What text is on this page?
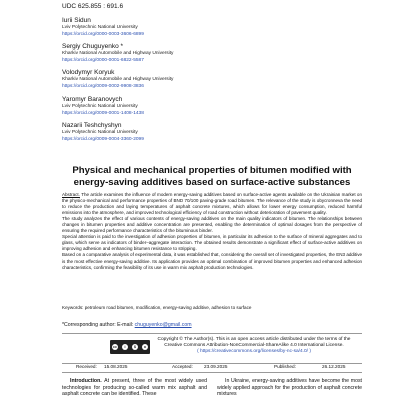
UDC 625.855 : 691.6
Iurii Sidun
Lviv Polytechnic National University
https://orcid.org/0000-0003-3606-6899
Sergiy Chuguyenko *
Kharkiv National Automobile and Highway University
https://orcid.org/0000-0001-6822-5587
Volodymyr Koryuk
Kharkiv National Automobile and Highway University
https://orcid.org/0009-0002-9908-3836
Yaromyr Baranovych
Lviv Polytechnic National University
https://orcid.org/0009-0001-1408-1438
Nazarii Teshchyshyn
Lviv Polytechnic National University
https://orcid.org/0009-0004-3360-2099
Physical and mechanical properties of bitumen modified with energy-saving additives based on surface-active substances

Abstract. The article examines the influence of modern energy-saving additives based on surface-active agents available on the Ukrainian market on the physico-mechanical and performance properties of BND 70/100 paving-grade road bitumen. The relevance of the study is obycronneva the need to reduce the production and laying temperatures of asphalt concrete mixtures, which allows for lower energy consumption, reduced harmful emissions into the atmosphere, and improved technological efficiency of road construction without deterioration of pavement quality.

The study analyzes the effect of various contents of energy-saving additives on the main quality indicators of bitumen. The relationships between changes in bitumen properties and additive concentration are presented, enabling the determination of optimal dosages from the perspective of ensuring the required performance characteristics of the bituminous binder.

Special attention is paid to the investigation of adhesion properties of bitumen, in particular its adhesion to the surface of mineral aggregates and to glass, which serve as indicators of binder–aggregate interaction. The obtained results demonstrate a significant effect of surface-active additives on improving adhesion and enhancing bitumen resistance to stripping.

Based on a comparative analysis of experimental data, it was established that, considering the overall set of investigated properties, the EN3 additive is the most effective energy-saving additive. Its application provides an optimal combination of improved bitumen properties and enhanced adhesion characteristics, confirming the feasibility of its use in warm mix asphalt production technologies.

Keywords: petroleum road bitumen, modification, energy-saving additive, adhesion to surface
*Corresponding author: E-mail: chuguyenko@gmail.com
cc	i	$	o
Copyright © The Author(s). This is an open access article distributed under the terms of the
Creative Commons Attribution-NonCommercial-ShareAlike 4.0 International License.
( https://creativecommons.org/licenses/by-nc-sa/4.0/ )
Received: 15.08.2025	Accepted: 23.09.2025	Published:	26.12.2025

Introduction. At present, three of the most widely used technologies for producing so-called warm mix asphalt and asphalt concrete can be identified. These

In Ukraine, energy-saving additives have become the most widely applied approach for the production of asphalt concrete mixtures
